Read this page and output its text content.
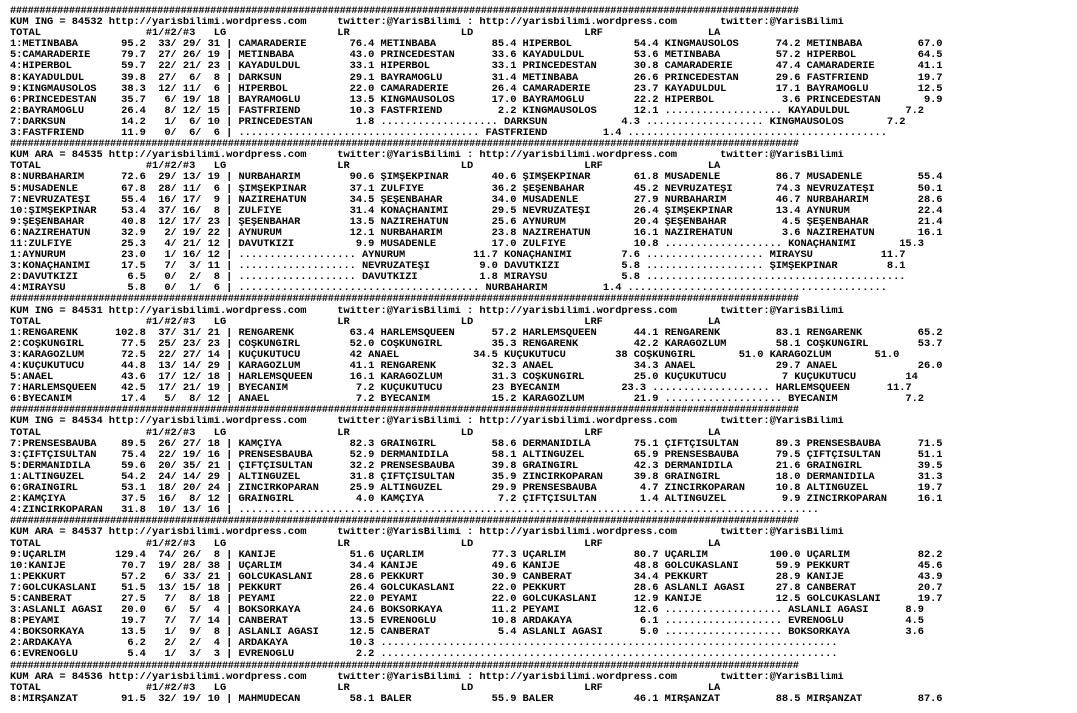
######################################################################################################################################
KUM ING = 84532 http://yarisbilimi.wordpress.com     twitter:@YarisBilimi : http://yarisbilimi.wordpress.com       twitter:@YarisBilimi
TOTAL                 #1/#2/#3   LG                  LR                  LD                  LRF                 LA
1:METİNBABA       95.2  33/ 29/ 31 | CAMARADERIE       76.4 METİNBABA         85.4 HİPERBOL          54.4 KINGMAUSOLOS      74.2 METİNBABA         67.0
5:CAMARADERIE     79.7  27/ 26/ 19 | METİNBABA         43.0 PRINCEDESTAN      33.6 KAYADÜLDÜL        53.6 METİNBABA         57.2 HİPERBOL          64.5
4:HİPERBOL        59.7  22/ 21/ 23 | KAYADÜLDÜL        33.1 HİPERBOL          33.1 PRINCEDESTAN      30.8 CAMARADERIE       47.4 CAMARADERIE       41.1
8:KAYADÜLDÜL      39.8  27/  6/  8 | DARKSUN           29.1 BAYRAMOĞLU        31.4 METİNBABA         26.6 PRINCEDESTAN      29.6 FASTFRIEND        19.7
9:KINGMAUSOLOS    38.3  12/ 11/  6 | HİPERBOL          22.0 CAMARADERIE       26.4 CAMARADERIE       23.7 KAYADÜLDÜL        17.1 BAYRAMOĞLU        12.5
6:PRINCEDESTAN    35.7   6/ 19/ 18 | BAYRAMOĞLU        13.5 KINGMAUSOLOS      17.0 BAYRAMOĞLU        22.2 HİPERBOL           3.6 PRINCEDESTAN       9.9
2:BAYRAMOĞLU      26.4   8/ 12/ 15 | FASTFRIEND        10.3 FASTFRIEND         2.2 KINGMAUSOLOS      12.1 ................... KAYADÜLDÜL         7.2
7:DARKSUN         14.2   1/  6/ 10 | PRINCEDESTAN       1.8 ................... DARKSUN            4.3 ................... KINGMAUSOLOS       7.2
3:FASTFRIEND      11.9   0/  6/  6 | ....................................... FASTFRIEND         1.4 ..........................................
######################################################################################################################################
KUM ARA = 84535 http://yarisbilimi.wordpress.com     twitter:@YarisBilimi : http://yarisbilimi.wordpress.com       twitter:@YarisBilimi
TOTAL                 #1/#2/#3   LG                  LR                  LD                  LRF                 LA
8:NURBAHARIM      72.6  29/ 13/ 19 | NURBAHARIM        90.6 ŞİMŞEKPINAR       40.6 ŞİMŞEKPINAR       61.8 MÜSADENLE         86.7 MÜSADENLE         55.4
5:MÜSADENLE       67.8  28/ 11/  6 | ŞİMŞEKPINAR       37.1 ZÜLFİYE           36.2 ŞEŞENBAHAR        45.2 NEVRUZATEŞİ       74.3 NEVRUZATEŞİ       50.1
7:NEVRUZATEŞİ     55.4  16/ 17/  9 | NAZİREHATUN       34.5 ŞEŞENBAHAR        34.0 MÜSADENLE         27.9 NURBAHARIM        46.7 NURBAHARIM        28.6
10:ŞİMŞEKPINAR    53.4  37/ 16/  8 | ZÜLFİYE           31.4 KONAÇHANIMI       29.5 NEVRUZATEŞİ       26.4 ŞİMŞEKPINAR       13.4 AYNURUM           22.4
9:ŞEŞENBAHAR      40.8  12/ 17/ 23 | ŞEŞENBAHAR        13.5 NAZİREHATUN       25.6 AYNURUM           20.4 ŞEŞENBAHAR         4.5 ŞEŞENBAHAR        21.4
6:NAZİREHATUN     32.9   2/ 19/ 22 | AYNURUM           12.1 NURBAHARIM        23.8 NAZİREHATUN       16.1 NAZİREHATUN        3.6 NAZİREHATUN       16.1
11:ZÜLFİYE        25.3   4/ 21/ 12 | DAVUTKIZI          9.9 MÜSADENLE         17.0 ZÜLFİYE           10.8 ................... KONAÇHANIMI       15.3
1:AYNURUM         23.0   1/ 16/ 12 | ................... AYNURUM           11.7 KONAÇHANIMI        7.6 ................... MİRAYSU           11.7
3:KONAÇHANIMI     17.5   7/  3/ 11 | ................... NEVRUZATEŞİ        9.0 DAVUTKIZI          5.8 ................... ŞİMŞEKPINAR        8.1
2:DAVUTKIZI        6.5   0/  2/  8 | ................... DAVUTKIZI          1.8 MİRAYSU            5.8 ..........................................
4:MİRAYSU          5.8   0/  1/  6 | ....................................... NURBAHARIM         1.4 ..........................................
######################################################################################################################################
KUM ING = 84531 http://yarisbilimi.wordpress.com     twitter:@YarisBilimi : http://yarisbilimi.wordpress.com       twitter:@YarisBilimi
TOTAL                 #1/#2/#3   LG                  LR                  LD                  LRF                 LA
1:RENGARENK      102.8  37/ 31/ 21 | RENGARENK         63.4 HARLEMSQUEEN      57.2 HARLEMSQUEEN      44.1 RENGARENK         83.1 RENGARENK         65.2
2:COŞKUNGIRL      77.5  25/ 23/ 23 | COŞKUNGIRL        52.0 COŞKUNGIRL        35.3 RENGARENK         42.2 KARAGÖZLÜM        58.1 COŞKUNGIRL        53.7
3:KARAGÖZLÜM      72.5  22/ 27/ 14 | KÜÇÜKÜTÜCÜ        42 ANAEL            34.5 KÜÇÜKÜTÜCÜ        38 COŞKUNGIRL       51.0 KARAGÖZLÜM       51.0
4:KÜÇÜKÜTÜCÜ      44.8  13/ 14/ 29 | KARAGÖZLÜM        41.1 RENGARENK         32.3 ANAEL             34.3 ANAEL             29.7 ANAEL             26.0
5:ANAEL           43.6  17/ 12/ 18 | HARLEMSQUEEN      16.1 KARAGÖZLÜM        31.3 COŞKUNGIRL        25.0 KÜÇÜKÜTÜCÜ         7 KÜÇÜKÜTÜCÜ        14
7:HARLEMSQUEEN    42.5  17/ 21/ 19 | BYECANIM           7.2 KÜÇÜKÜTÜCÜ        23 BYECANIM          23.3 ................... HARLEMSQUEEN      11.7
6:BYECANIM        17.4   5/  8/ 12 | ANAEL              7.2 BYECANIM          15.2 KARAGÖZLÜM        21.9 ................... BYECANIM           7.2
######################################################################################################################################
KUM ING = 84534 http://yarisbilimi.wordpress.com     twitter:@YarisBilimi : http://yarisbilimi.wordpress.com       twitter:@YarisBilimi
TOTAL                 #1/#2/#3   LG                  LR                  LD                  LRF                 LA
7:PRENSESBAUBA    89.5  26/ 27/ 18 | KAMÇIYA           82.3 GRAINGIRL         58.6 DERMANIDILA       75.1 ÇİFTÇİSULTAN      89.3 PRENSESBAUBA      71.5
3:ÇİFTÇİSULTAN    75.4  22/ 19/ 16 | PRENSESBAUBA      52.9 DERMANIDILA       58.1 ALTINGÜZEL        65.9 PRENSESBAUBA      79.5 ÇİFTÇİSULTAN      51.1
5:DERMANIDILA     59.6  20/ 35/ 21 | ÇİFTÇİSULTAN      32.2 PRENSESBAUBA      39.8 GRAINGIRL         42.3 DERMANIDILA       21.6 GRAINGIRL         39.5
1:ALTINGÜZEL      54.2  24/ 14/ 29 | ALTINGÜZEL        31.8 ÇİFTÇİSULTAN      35.9 ZİNCİRKOPARAN     39.8 GRAINGIRL         18.0 DERMANIDILA       31.3
6:GRAINGIRL       53.1  18/ 20/ 24 | ZİNCİRKOPARAN     25.9 ALTINGÜZEL        29.9 PRENSESBAUBA       4.7 ZİNCİRKOPARAN     10.8 ALTINGÜZEL        19.7
2:KAMÇIYA         37.5  16/  8/ 12 | GRAINGIRL          4.0 KAMÇIYA            7.2 ÇİFTÇİSULTAN       1.4 ALTINGÜZEL         9.9 ZİNCİRKOPARAN     16.1
4:ZİNCİRKOPARAN   31.8  10/ 13/ 16 | ..............................................................................................
######################################################################################################################################
KUM ARA = 84537 http://yarisbilimi.wordpress.com     twitter:@YarisBilimi : http://yarisbilimi.wordpress.com       twitter:@YarisBilimi
TOTAL                 #1/#2/#3   LG                  LR                  LD                  LRF                 LA
9:UÇARLIM        129.4  74/ 26/  8 | KANİJE            51.6 UÇARLIM           77.3 UÇARLIM           80.7 UÇARLIM          100.0 UÇARLIM           82.2
10:KANİJE         70.7  19/ 28/ 38 | UÇARLIM           34.4 KANİJE            49.6 KANİJE            48.8 GÖLCÜKASLANI      59.9 PEKKURT           45.6
1:PEKKURT         57.2   6/ 33/ 21 | GÖLCÜKASLANI      28.6 PEKKURT           30.9 CANBERAT          34.4 PEKKURT           28.9 KANİJE            43.9
7:GÖLCÜKASLANI    51.5  13/ 15/ 18 | PEKKURT           26.4 GÖLCÜKASLANI      22.0 PEKKURT           28.6 ASLANLI AĞASI     27.8 CANBERAT          20.7
5:CANBERAT        27.5   7/  8/ 18 | PEYAMİ            22.0 PEYAMİ            22.0 GÖLCÜKASLANI      12.9 KANİJE            12.5 GÖLCÜKASLANI      19.7
3:ASLANLI AĞASI   20.0   6/  5/  4 | BOKSÖRKAYA        24.6 BOKSÖRKAYA        11.2 PEYAMİ            12.6 ................... ASLANLI AĞASI      8.9
8:PEYAMİ          19.7   7/  7/ 14 | CANBERAT          13.5 EVRENOĞLU         10.8 ARDAKAYA           6.1 ................... EVRENOĞLU          4.5
4:BOKSÖRKAYA      13.5   1/  9/  8 | ASLANLI AĞASI     12.5 CANBERAT           5.4 ASLANLI AĞASI      5.0 ................... BOKSÖRKAYA         3.6
2:ARDAKAYA         6.2   2/  2/  4 | ARDAKAYA          10.3 ..........................................................................
6:EVRENOĞLU        5.4   1/  3/  3 | EVRENOĞLU          2.2 ..........................................................................
######################################################################################################################################
KUM ARA = 84536 http://yarisbilimi.wordpress.com     twitter:@YarisBilimi : http://yarisbilimi.wordpress.com       twitter:@YarisBilimi
TOTAL                 #1/#2/#3   LG                  LR                  LD                  LRF                 LA
8:MİRŞANZAT       91.5  32/ 19/ 10 | MAHMUDECAN        58.1 BALER             55.9 BALER             46.1 MİRŞANZAT         88.5 MİRŞANZAT         87.6
